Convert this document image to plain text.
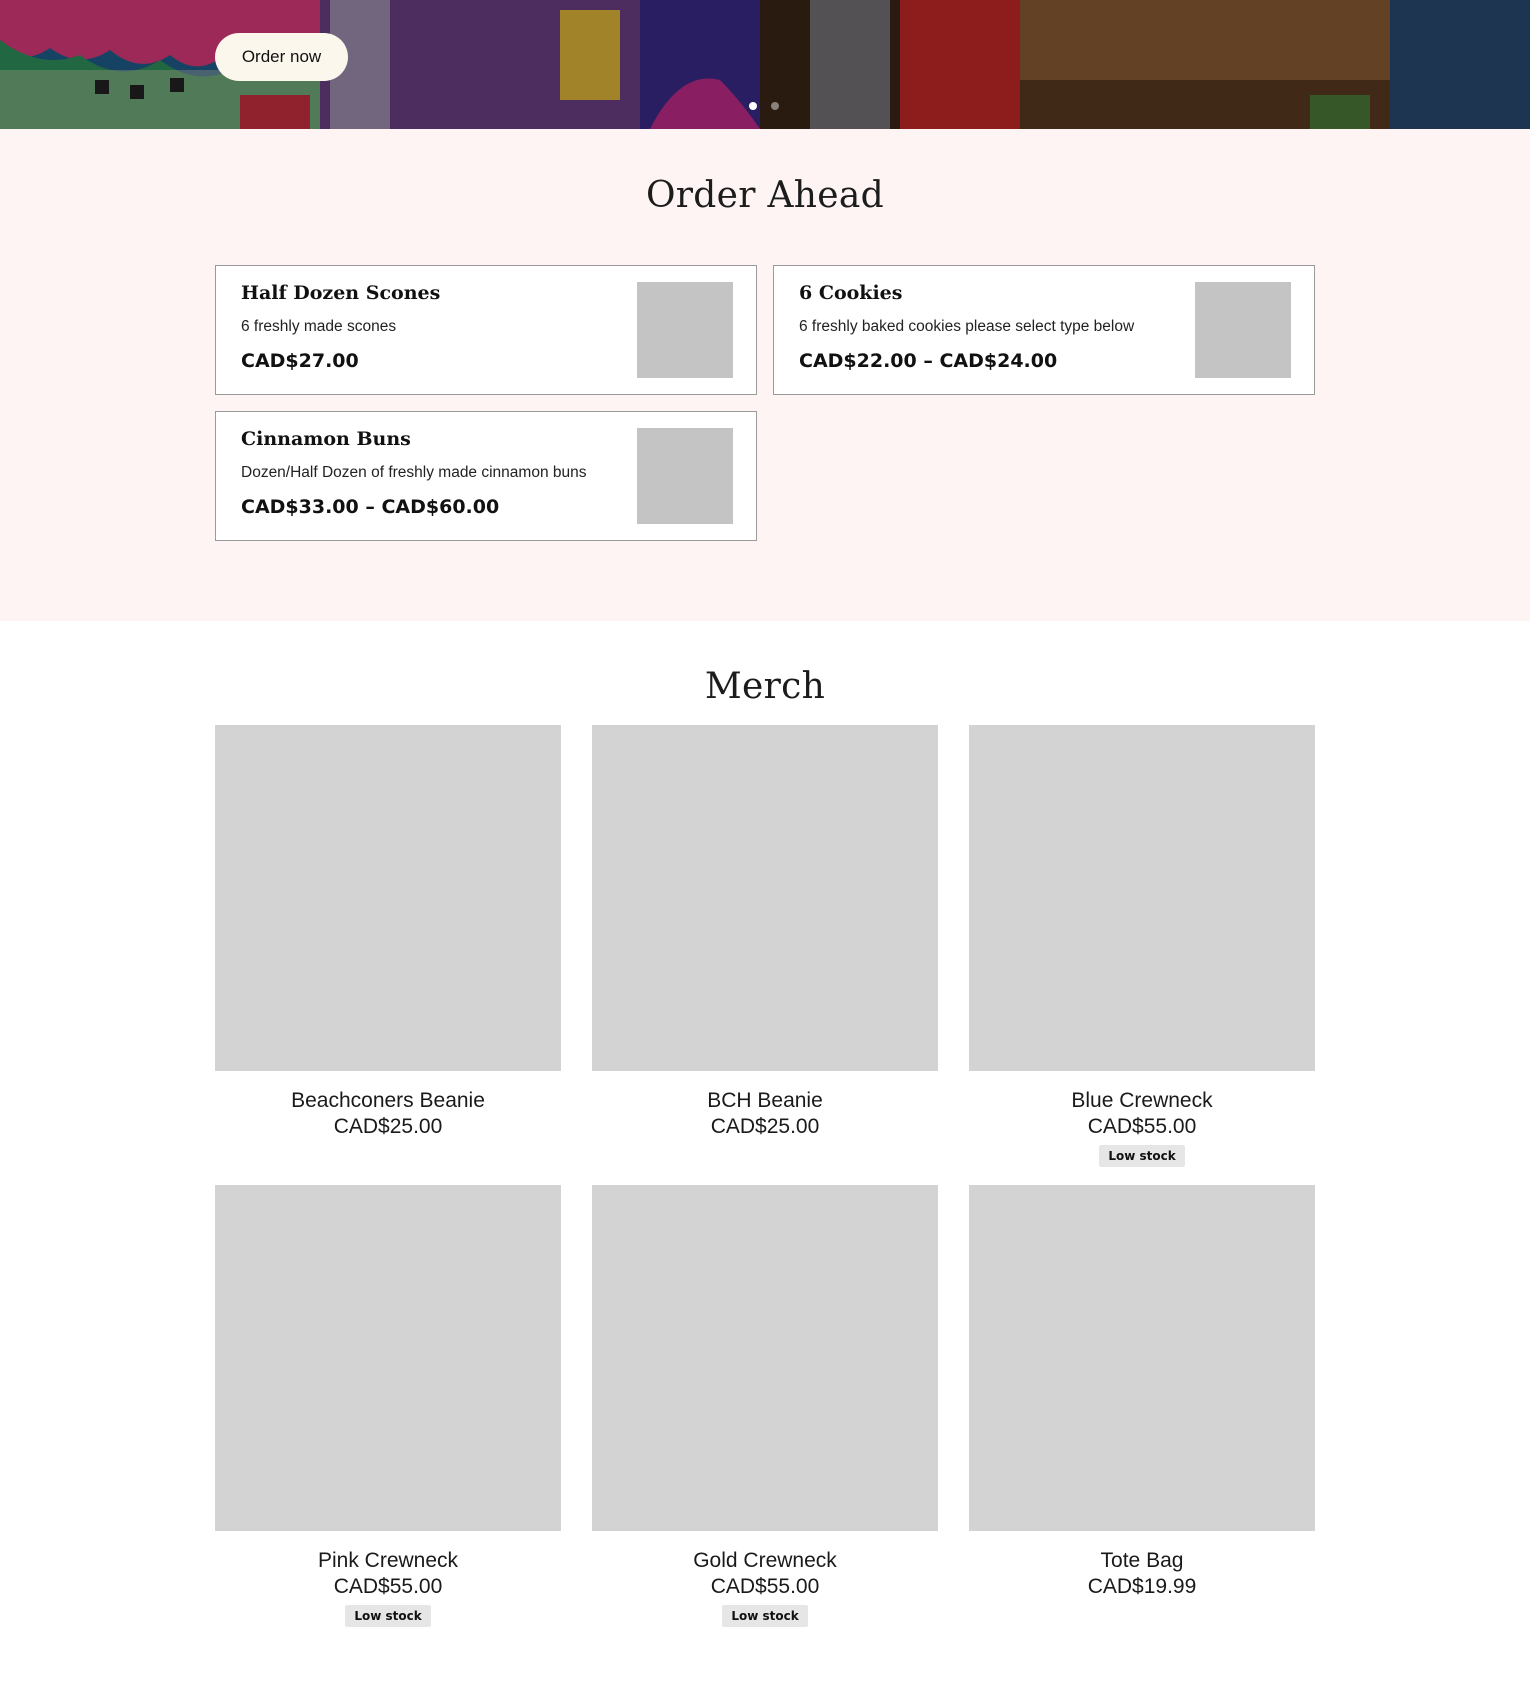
Order now
Order Ahead
Half Dozen Scones
6 freshly made scones
CAD$27.00
6 Cookies
6 freshly baked cookies please select type below
CAD$22.00 – CAD$24.00
Cinnamon Buns
Dozen/Half Dozen of freshly made cinnamon buns
CAD$33.00 – CAD$60.00
Merch
Beachconers Beanie
CAD$25.00
BCH Beanie
CAD$25.00
Blue Crewneck
CAD$55.00
Low stock
Pink Crewneck
CAD$55.00
Low stock
Gold Crewneck
CAD$55.00
Low stock
Tote Bag
CAD$19.99
